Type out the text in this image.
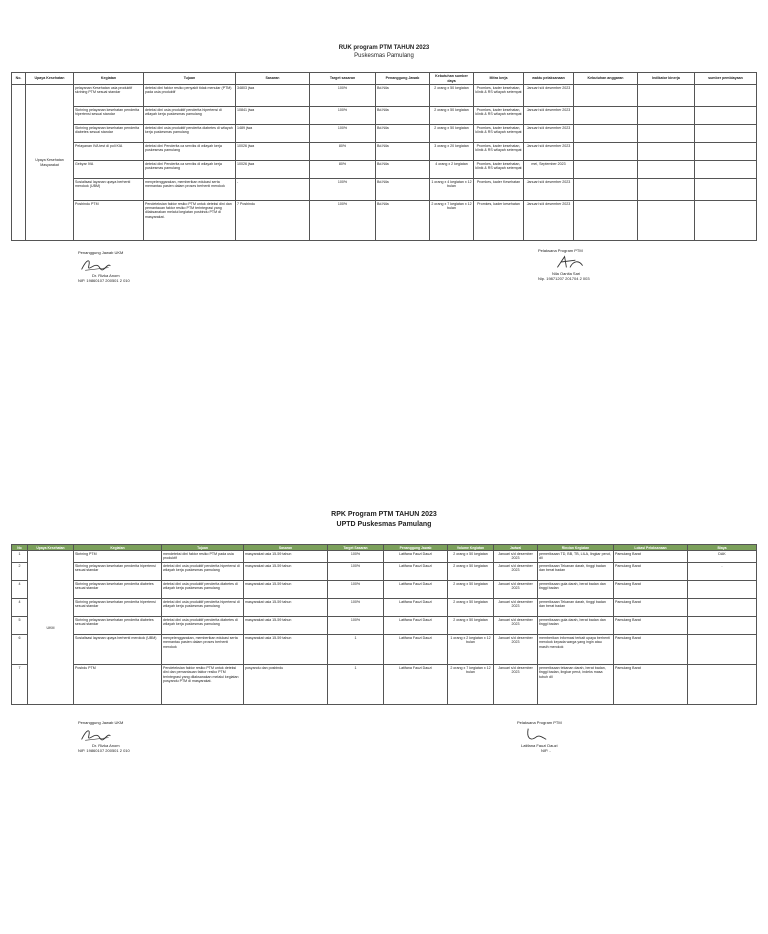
RUK program PTM TAHUN 2023
Puskesmas Pamulang
No.	Upaya Kesehatan	Kegiatan	Tujuan	Sasaran	Target sasaran	Penanggung Jawab	Kebutuhan sumber daya	Mitra kerja	waktu pelaksanaan	Kebutuhan anggaran	Indikator kinerja	sumber pembiayaan
	Upaya Kesehatan Masyarakat	pelayanan Kesehatan usia produktif skrining PTM sesuai standar	deteksi dini faktor resiko penyakit tidak menular (PTM) pada usia produktif	34803 jiwa	100%	Bd.Nila	2 orang x 50 kegiatan	Promkes, kader kesehatan, klinik & RS wilayah setempat	Januari s/d desember 2023			
		Skrining pelayanan kesehatan penderita hipertensi sesuai standar	deteksi dini usia produktif penderita hipertensi di wilayah kerja puskesmas pamulang	10841 jiwa	100%	Bd.Nila	2 orang x 50 kegiatan	Promkes, kader kesehatan, klinik & RS wilayah setempat	Januari s/d desember 2023			
		Skrining pelayanan kesehatan penderita diabetes sesuai standar	deteksi dini usia produktif penderita diabetes di wilayah kerja puskesmas pamulang	1489 jiwa	100%	Bd.Nila	2 orang x 50 kegiatan	Promkes, kader kesehatan, klinik & RS wilayah setempat	Januari s/d desember 2023			
		Pelayanan IVA test di poli KIA	deteksi dini Penderita ca serviks di wilayah kerja puskesmas pamulang	10026 jiwa	80%	Bd.Nila	3 orang x 20 kegiatan	Promkes, kader kesehatan, klinik & RS wilayah setempat	Januari s/d desember 2023			
		Gebyar IVA	deteksi dini Penderita ca serviks di wilayah kerja puskesmas pamulang	10026 jiwa	80%	Bd.Nila	4 orang x 2 kegiatan	Promkes, kader kesehatan, klinik & RS wilayah setempat	mei, September 2023			
		Sosialisasi layanan upaya berhenti merokok (UBM)	menyelenggarakan, memberikan edukasi serta memantau pasien dalam proses berhenti merokok	-	100%	Bd.Nila	1 orang x 4 kegiatan x 12 bulan	Promkes, kader Kesehatan	Januari s/d desember 2023			
		Posbindu PTM	Pendeteksian faktor resiko PTM untuk deteksi dini dan pemantauan faktor resiko PTM terintegrasi yang dilaksanakan melalui kegiatan posbindu PTM di masyarakat.	7 Posbindu	100%	Bd.Nila	2 orang x 7 kegiatan x 12 bulan	Promkes, kader kesehatan	Januari s/d desember 2023			
Penanggung Jawab UKM
Dr. Rizka Anom
NIP. 19860107 200501 2 010
Pelaksana Program PTM
Nila Oanita Sari
Nip. 19871207 201704 2 003
RPK Program PTM TAHUN 2023
UPTD Puskesmas Pamulang
No	Upaya Kesehatan	Kegiatan	Tujuan	Sasaran	Target Sasaran	Penanggung Jawab	Volume Kegiatan	Jadwal	Rincian Kegiatan	Lokasi Pelaksanaan	Biaya
1	UKM	Skrining PTM	mendeteksi dini faktor resiko PTM pada usia produktif	masyarakat usia 15-59 tahun	100%	Latifana Fauzi Dauzi	2 orang x 50 kegiatan	Januari s/d desember 2023	pemeriksaan TD, BB, TB, LILA, lingkar perut, dll	Pamulang Barat	DAK
2		Skrining pelayanan kesehatan penderita hipertensi sesuai standar	deteksi dini usia produktif penderita hipertensi di wilayah kerja puskesmas pamulang	masyarakat usia 15-59 tahun	100%	Latifana Fauzi Dauzi	2 orang x 50 kegiatan	Januari s/d desember 2023	pemeriksaan Tekanan darah, tinggi badan dan berat badan	Pamulang Barat	-
4		Skrining pelayanan kesehatan penderita diabetes sesuai standar	deteksi dini usia produktif penderita diabetes di wilayah kerja puskesmas pamulang	masyarakat usia 15-59 tahun	100%	Latifana Fauzi Dauzi	2 orang x 50 kegiatan	Januari s/d desember 2023	pemeriksaan gula darah, berat badan dan tinggi badan	Pamulang Barat	
4		Skrining pelayanan kesehatan penderita hipertensi sesuai standar	deteksi dini usia produktif penderita hipertensi di wilayah kerja puskesmas pamulang	masyarakat usia 15-59 tahun	100%	Latifana Fauzi Dauzi	2 orang x 50 kegiatan	Januari s/d desember 2023	pemeriksaan Tekanan darah, tinggi badan dan berat badan	Pamulang Barat	
5		Skrining pelayanan kesehatan penderita diabetes sesuai standar	deteksi dini usia produktif penderita diabetes di wilayah kerja puskesmas pamulang	masyarakat usia 15-59 tahun	100%	Latifana Fauzi Dauzi	2 orang x 50 kegiatan	Januari s/d desember 2023	pemeriksaan gula darah, berat badan dan tinggi badan	Pamulang Barat	
6		Sosialisasi layanan upaya berhenti merokok (UBM)	menyelenggarakan, memberikan edukasi serta memantau pasien dalam proses berhenti merokok	masyarakat usia 15-59 tahun	1	Latifana Fauzi Dauzi	1 orang x 2 kegiatan x 12 bulan	Januari s/d desember 2023	memberikan informasi terkait upaya berhenti merokok kepada warga yang ingin atau masih merokok	Pamulang Barat	
7		Posbdu PTM	Pendeteksian faktor resiko PTM untuk deteksi dini dan pemantauan faktor resiko PTM terintegrasi yang dilaksanakan melalui kegiatan posyandu PTM di masyarakat.	posyandu dan posbindu	1	Latifana Fauzi Dauzi	2 orang x 7 kegiatan x 12 bulan	Januari s/d desember 2023	pemeriksaan tekanan darah, berat badan, tinggi badan, lingkar perut, indeks masa tubuh dll	Pamulang Barat	
Penanggung Jawab UKM
Dr. Rizka Anom
NIP. 19860107 200501 2 010
Pelaksana Program PTM
Latifana Fauzi Dauzi
NIP. -
